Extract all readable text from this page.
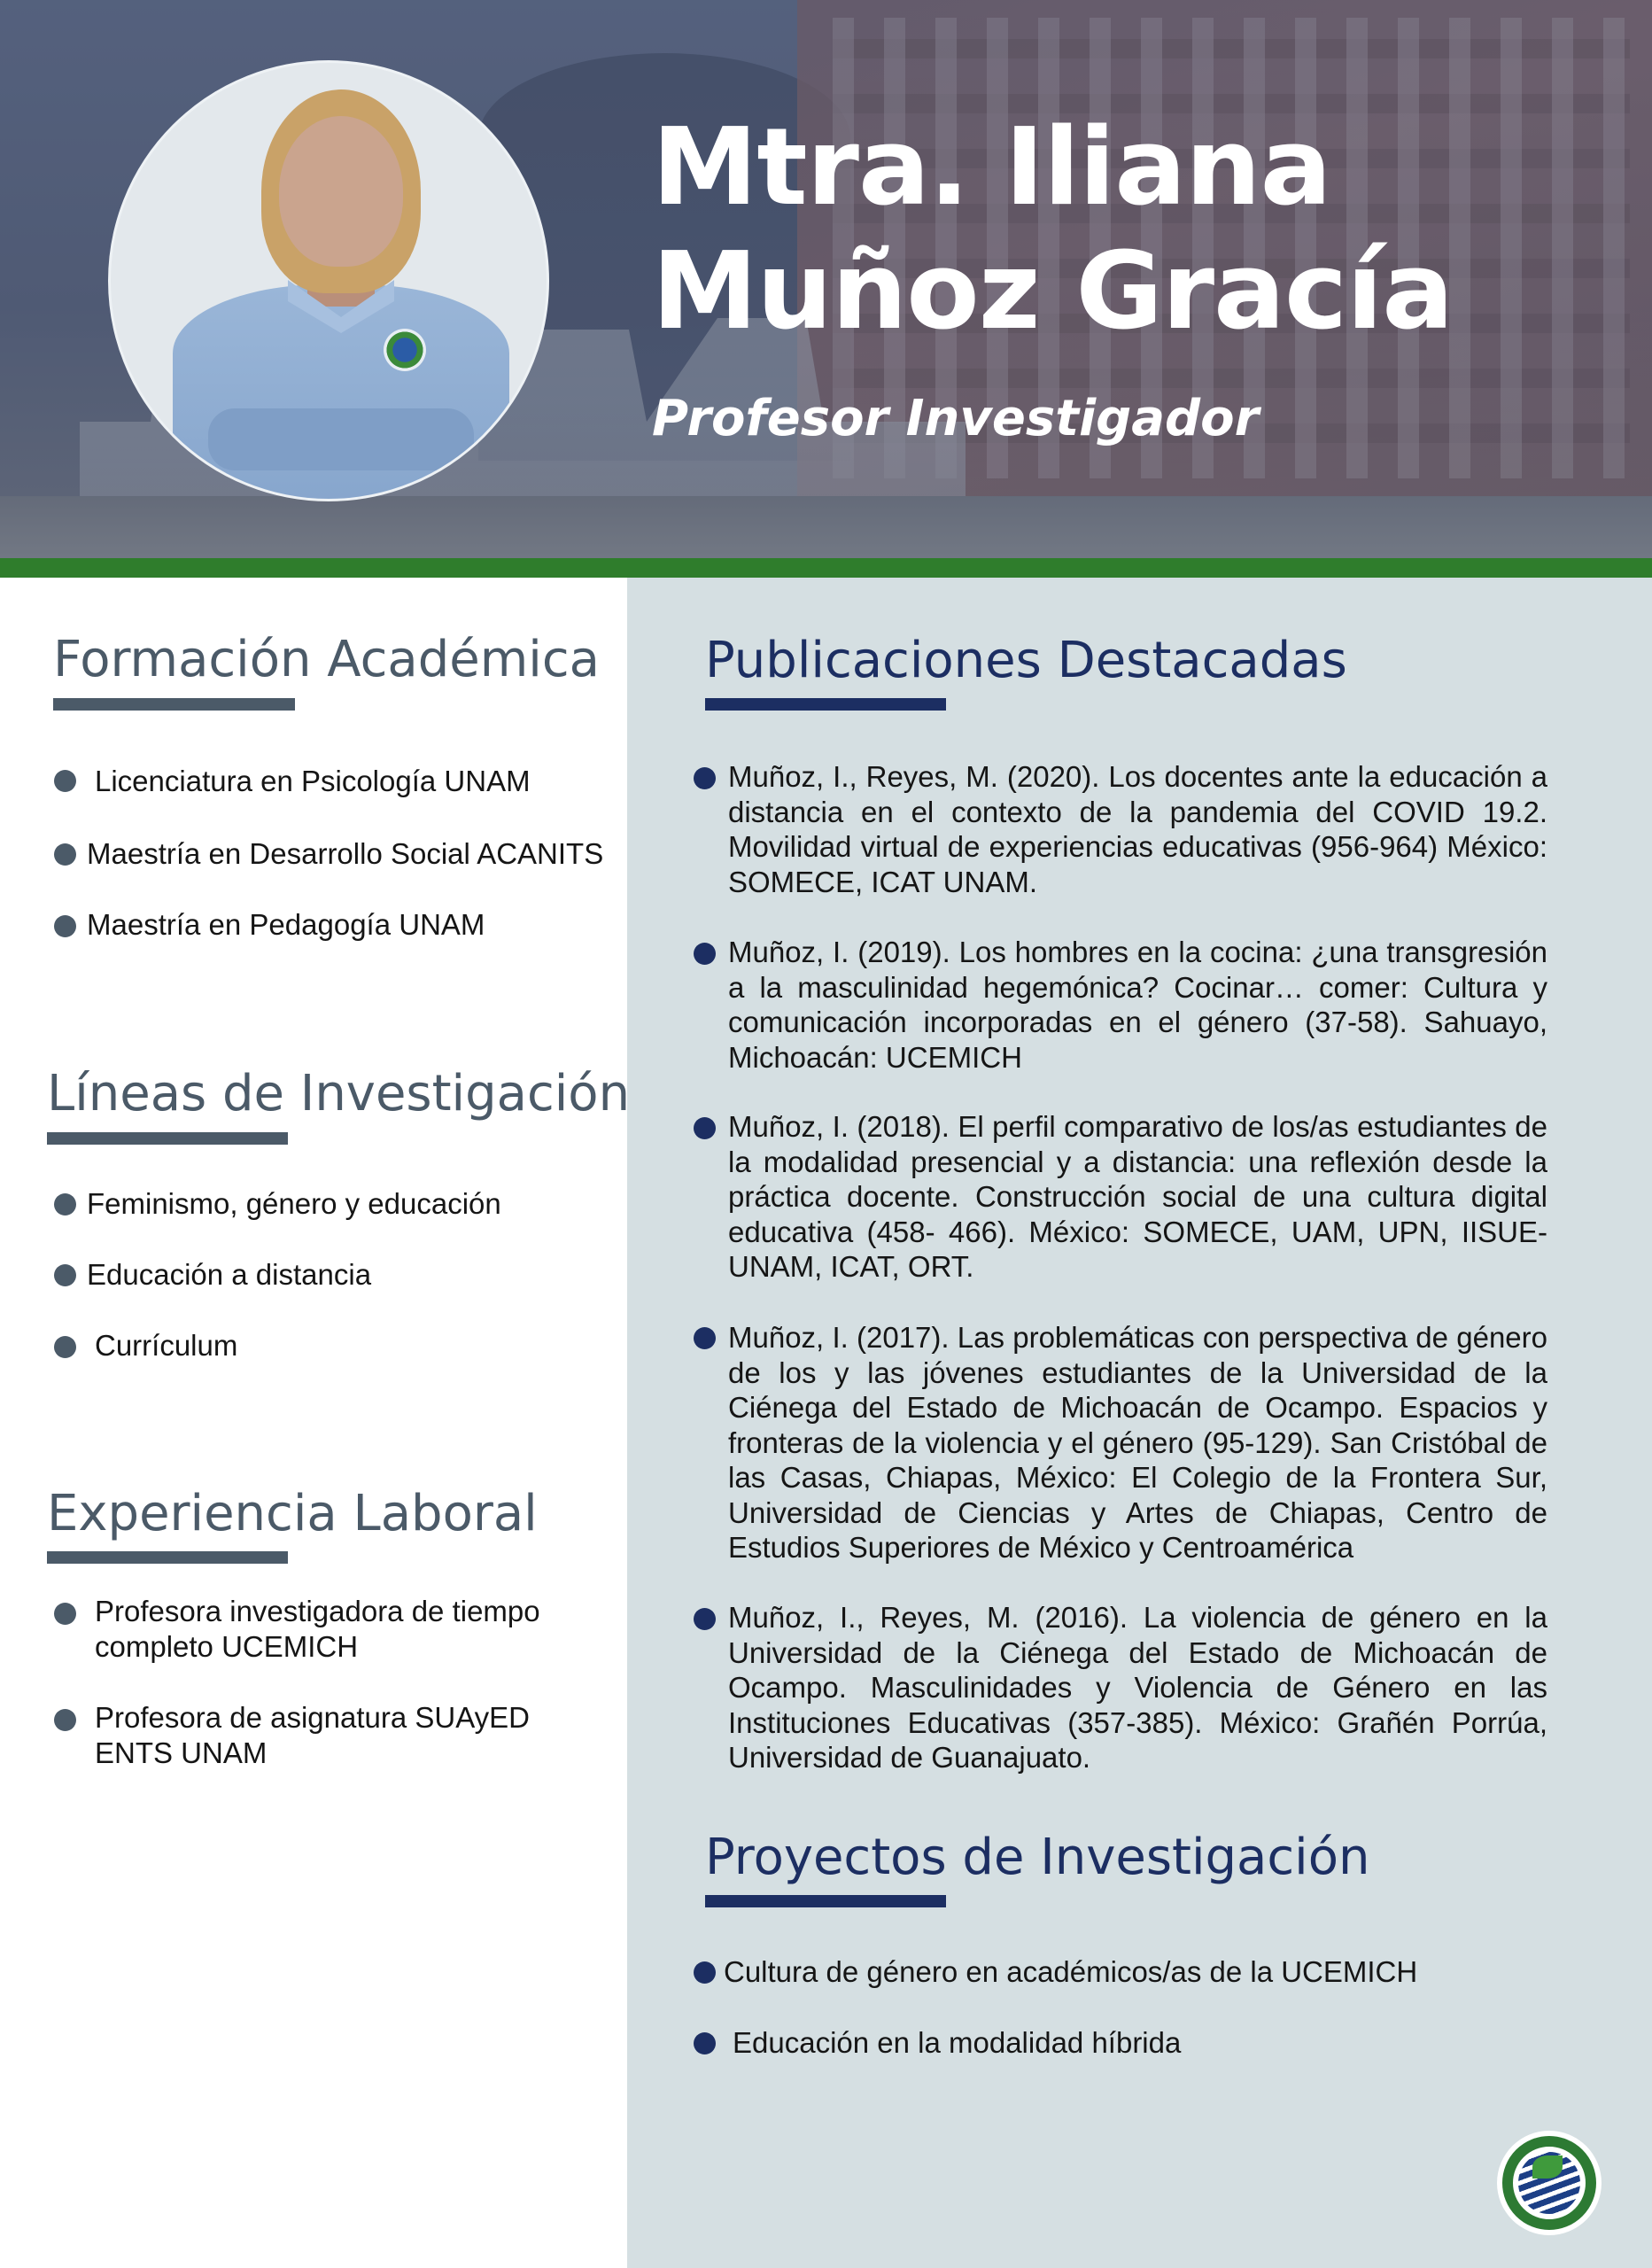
Mtra. Iliana
Muñoz Gracía
Profesor Investigador
Formación Académica
Licenciatura en Psicología UNAM
Maestría en Desarrollo Social ACANITS
Maestría en Pedagogía UNAM
Líneas de Investigación
Feminismo, género y educación
Educación a distancia
Currículum
Experiencia Laboral
Profesora investigadora de tiempo completo UCEMICH
Profesora de asignatura SUAyED ENTS UNAM
Publicaciones Destacadas
Muñoz, I., Reyes, M. (2020). Los docentes ante la educación a distancia en el contexto de la pandemia del COVID 19.2. Movilidad virtual de experiencias educativas (956-964) México: SOMECE, ICAT UNAM.
Muñoz, I. (2019). Los hombres en la cocina: ¿una transgresión a la masculinidad hegemónica? Cocinar… comer: Cultura y comunicación incorporadas en el género (37-58). Sahuayo, Michoacán: UCEMICH
Muñoz, I. (2018). El perfil comparativo de los/as estudiantes de la modalidad presencial y a distancia: una reflexión desde la práctica docente. Construcción social de una cultura digital educativa (458- 466). México: SOMECE, UAM, UPN, IISUE-UNAM, ICAT, ORT.
Muñoz, I. (2017). Las problemáticas con perspectiva de género de los y las jóvenes estudiantes de la Universidad de la Ciénega del Estado de Michoacán de Ocampo. Espacios y fronteras de la violencia y el género (95-129). San Cristóbal de las Casas, Chiapas, México: El Colegio de la Frontera Sur, Universidad de Ciencias y Artes de Chiapas, Centro de Estudios Superiores de México y Centroamérica
Muñoz, I., Reyes, M. (2016). La violencia de género en la Universidad de la Ciénega del Estado de Michoacán de Ocampo. Masculinidades y Violencia de Género en las Instituciones Educativas (357-385). México: Grañén Porrúa, Universidad de Guanajuato.
Proyectos de Investigación
Cultura de género en académicos/as de la UCEMICH
Educación en la modalidad híbrida
